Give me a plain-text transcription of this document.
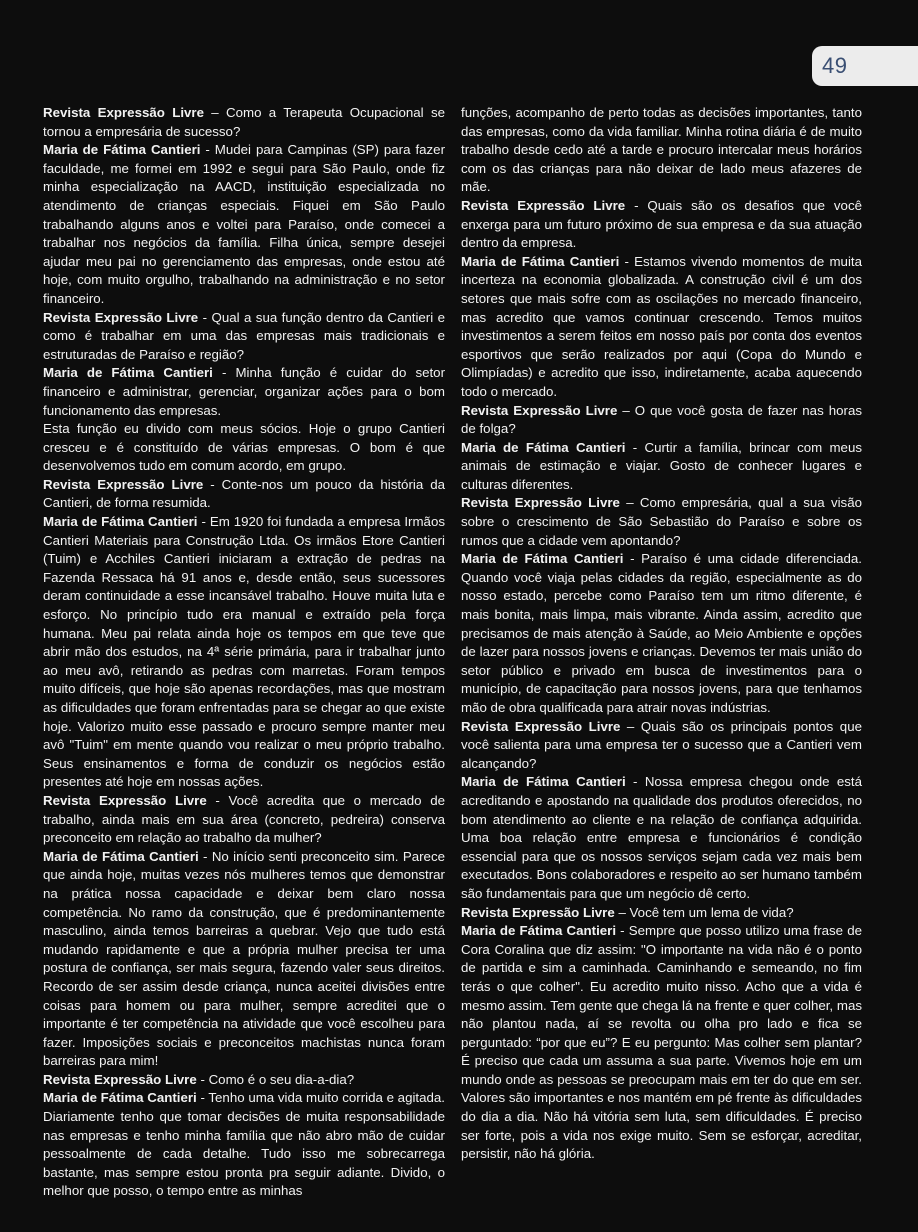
49

Revista Expressão Livre – Como a Terapeuta Ocupacional se tornou a empresária de sucesso?

Maria de Fátima Cantieri - Mudei para Campinas (SP) para fazer faculdade, me formei em 1992 e segui para São Paulo, onde fiz minha especialização na AACD, instituição especializada no atendimento de crianças especiais. Fiquei em São Paulo trabalhando alguns anos e voltei para Paraíso, onde comecei a trabalhar nos negócios da família. Filha única, sempre desejei ajudar meu pai no gerenciamento das empresas, onde estou até hoje, com muito orgulho, trabalhando na administração e no setor financeiro.

Revista Expressão Livre - Qual a sua função dentro da Cantieri e como é trabalhar em uma das empresas mais tradicionais e estruturadas de Paraíso e região?

Maria de Fátima Cantieri - Minha função é cuidar do setor financeiro e administrar, gerenciar, organizar ações para o bom funcionamento das empresas.

Esta função eu divido com meus sócios. Hoje o grupo Cantieri cresceu e é constituído de várias empresas. O bom é que desenvolvemos tudo em comum acordo, em grupo.

Revista Expressão Livre - Conte-nos um pouco da história da Cantieri, de forma resumida.

Maria de Fátima Cantieri - Em 1920 foi fundada a empresa Irmãos Cantieri Materiais para Construção Ltda. Os irmãos Etore Cantieri (Tuim) e Acchiles Cantieri iniciaram a extração de pedras na Fazenda Ressaca há 91 anos e, desde então, seus sucessores deram continuidade a esse incansável trabalho. Houve muita luta e esforço. No princípio tudo era manual e extraído pela força humana. Meu pai relata ainda hoje os tempos em que teve que abrir mão dos estudos, na 4ª série primária, para ir trabalhar junto ao meu avô, retirando as pedras com marretas. Foram tempos muito difíceis, que hoje são apenas recordações, mas que mostram as dificuldades que foram enfrentadas para se chegar ao que existe hoje. Valorizo muito esse passado e procuro sempre manter meu avô "Tuim" em mente quando vou realizar o meu próprio trabalho. Seus ensinamentos e forma de conduzir os negócios estão presentes até hoje em nossas ações.

Revista Expressão Livre - Você acredita que o mercado de trabalho, ainda mais em sua área (concreto, pedreira) conserva preconceito em relação ao trabalho da mulher?

Maria de Fátima Cantieri - No início senti preconceito sim. Parece que ainda hoje, muitas vezes nós mulheres temos que demonstrar na prática nossa capacidade e deixar bem claro nossa competência. No ramo da construção, que é predominantemente masculino, ainda temos barreiras a quebrar. Vejo que tudo está mudando rapidamente e que a própria mulher precisa ter uma postura de confiança, ser mais segura, fazendo valer seus direitos. Recordo de ser assim desde criança, nunca aceitei divisões entre coisas para homem ou para mulher, sempre acreditei que o importante é ter competência na atividade que você escolheu para fazer. Imposições sociais e preconceitos machistas nunca foram barreiras para mim!

Revista Expressão Livre - Como é o seu dia-a-dia?

Maria de Fátima Cantieri - Tenho uma vida muito corrida e agitada. Diariamente tenho que tomar decisões de muita responsabilidade nas empresas e tenho minha família que não abro mão de cuidar pessoalmente de cada detalhe. Tudo isso me sobrecarrega bastante, mas sempre estou pronta pra seguir adiante. Divido, o melhor que posso, o tempo entre as minhas

funções, acompanho de perto todas as decisões importantes, tanto das empresas, como da vida familiar. Minha rotina diária é de muito trabalho desde cedo até a tarde e procuro intercalar meus horários com os das crianças para não deixar de lado meus afazeres de mãe.

Revista Expressão Livre - Quais são os desafios que você enxerga para um futuro próximo de sua empresa e da sua atuação dentro da empresa.

Maria de Fátima Cantieri - Estamos vivendo momentos de muita incerteza na economia globalizada. A construção civil é um dos setores que mais sofre com as oscilações no mercado financeiro, mas acredito que vamos continuar crescendo. Temos muitos investimentos a serem feitos em nosso país por conta dos eventos esportivos que serão realizados por aqui (Copa do Mundo e Olimpíadas) e acredito que isso, indiretamente, acaba aquecendo todo o mercado.

Revista Expressão Livre – O que você gosta de fazer nas horas de folga?

Maria de Fátima Cantieri - Curtir a família, brincar com meus animais de estimação e viajar. Gosto de conhecer lugares e culturas diferentes.

Revista Expressão Livre – Como empresária, qual a sua visão sobre o crescimento de São Sebastião do Paraíso e sobre os rumos que a cidade vem apontando?

Maria de Fátima Cantieri - Paraíso é uma cidade diferenciada. Quando você viaja pelas cidades da região, especialmente as do nosso estado, percebe como Paraíso tem um ritmo diferente, é mais bonita, mais limpa, mais vibrante. Ainda assim, acredito que precisamos de mais atenção à Saúde, ao Meio Ambiente e opções de lazer para nossos jovens e crianças. Devemos ter mais união do setor público e privado em busca de investimentos para o município, de capacitação para nossos jovens, para que tenhamos mão de obra qualificada para atrair novas indústrias.

Revista Expressão Livre – Quais são os principais pontos que você salienta para uma empresa ter o sucesso que a Cantieri vem alcançando?

Maria de Fátima Cantieri - Nossa empresa chegou onde está acreditando e apostando na qualidade dos produtos oferecidos, no bom atendimento ao cliente e na relação de confiança adquirida. Uma boa relação entre empresa e funcionários é condição essencial para que os nossos serviços sejam cada vez mais bem executados. Bons colaboradores e respeito ao ser humano também são fundamentais para que um negócio dê certo.

Revista Expressão Livre – Você tem um lema de vida?

Maria de Fátima Cantieri - Sempre que posso utilizo uma frase de Cora Coralina que diz assim: "O importante na vida não é o ponto de partida e sim a caminhada. Caminhando e semeando, no fim terás o que colher". Eu acredito muito nisso. Acho que a vida é mesmo assim. Tem gente que chega lá na frente e quer colher, mas não plantou nada, aí se revolta ou olha pro lado e fica se perguntado: “por que eu”? E eu pergunto: Mas colher sem plantar? É preciso que cada um assuma a sua parte. Vivemos hoje em um mundo onde as pessoas se preocupam mais em ter do que em ser. Valores são importantes e nos mantém em pé frente às dificuldades do dia a dia. Não há vitória sem luta, sem dificuldades. É preciso ser forte, pois a vida nos exige muito. Sem se esforçar, acreditar, persistir, não há glória.
